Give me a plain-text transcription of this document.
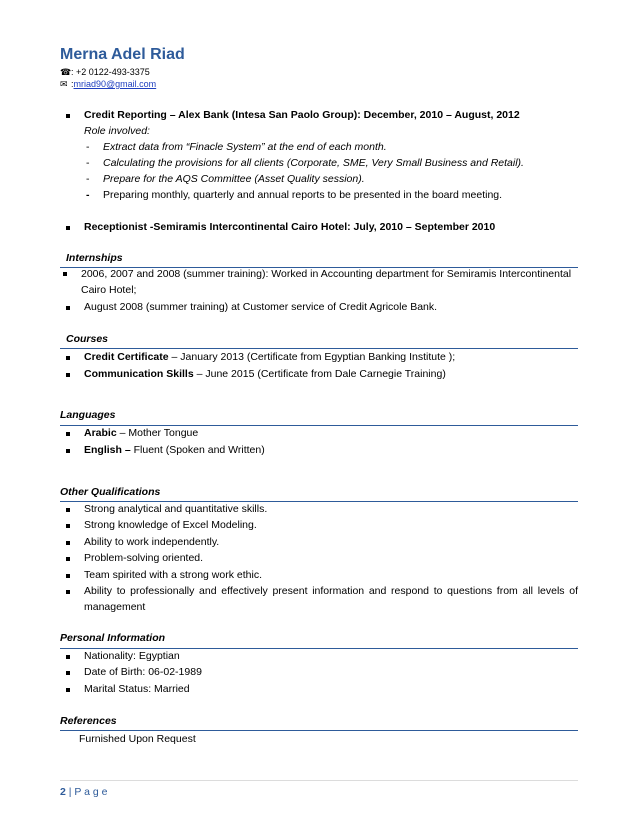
Merna Adel Riad
☎: +2 0122-493-3375
✉ :mriad90@gmail.com
Credit Reporting – Alex Bank (Intesa San Paolo Group): December, 2010 – August, 2012
Role involved:
- Extract data from “Finacle System” at the end of each month.
- Calculating the provisions for all clients (Corporate, SME, Very Small Business and Retail).
- Prepare for the AQS Committee (Asset Quality session).
- Preparing monthly, quarterly and annual reports to be presented in the board meeting.
Receptionist -Semiramis Intercontinental Cairo Hotel: July, 2010 – September 2010
Internships
2006, 2007 and 2008 (summer training): Worked in Accounting department for Semiramis Intercontinental
Cairo Hotel;
August 2008 (summer training) at Customer service of Credit Agricole Bank.
Courses
Credit Certificate – January 2013 (Certificate from Egyptian Banking Institute );
Communication Skills – June 2015 (Certificate from Dale Carnegie Training)
Languages
Arabic – Mother Tongue
English – Fluent (Spoken and Written)
Other Qualifications
Strong analytical and quantitative skills.
Strong knowledge of Excel Modeling.
Ability to work independently.
Problem-solving oriented.
Team spirited with a strong work ethic.
Ability to professionally and effectively present information and respond to questions from all levels of management
Personal Information
Nationality: Egyptian
Date of Birth: 06-02-1989
Marital Status: Married
References
Furnished Upon Request
2 | P a g e
